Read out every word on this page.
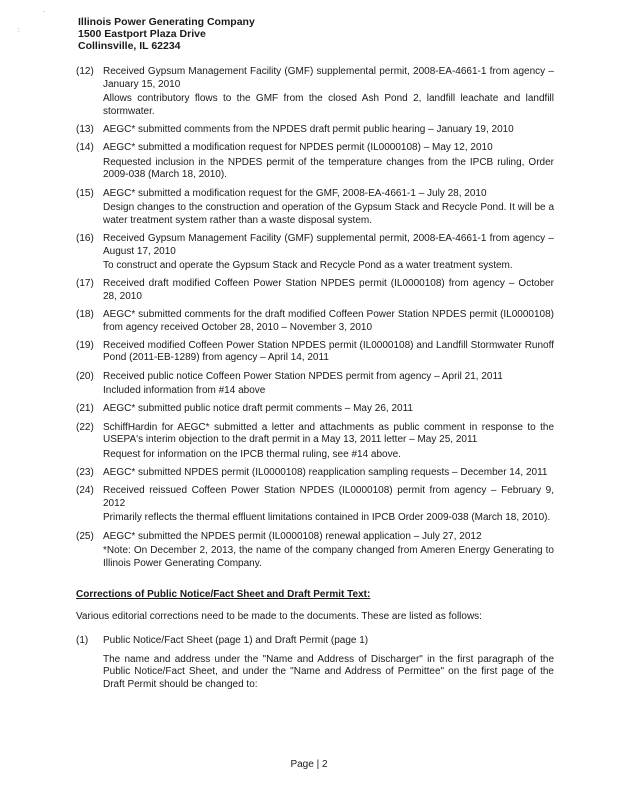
.
:
Illinois Power Generating Company
1500 Eastport Plaza Drive
Collinsville, IL 62234
(12) Received Gypsum Management Facility (GMF) supplemental permit, 2008-EA-4661-1 from agency – January 15, 2010

Allows contributory flows to the GMF from the closed Ash Pond 2, landfill leachate and landfill stormwater.

(13) AEGC* submitted comments from the NPDES draft permit public hearing – January 19, 2010

(14) AEGC* submitted a modification request for NPDES permit (IL0000108) – May 12, 2010

Requested inclusion in the NPDES permit of the temperature changes from the IPCB ruling, Order 2009-038 (March 18, 2010).

(15) AEGC* submitted a modification request for the GMF, 2008-EA-4661-1 – July 28, 2010

Design changes to the construction and operation of the Gypsum Stack and Recycle Pond. It will be a water treatment system rather than a waste disposal system.

(16) Received Gypsum Management Facility (GMF) supplemental permit, 2008-EA-4661-1 from agency – August 17, 2010

To construct and operate the Gypsum Stack and Recycle Pond as a water treatment system.

(17) Received draft modified Coffeen Power Station NPDES permit (IL0000108) from agency – October 28, 2010

(18) AEGC* submitted comments for the draft modified Coffeen Power Station NPDES permit (IL0000108) from agency received October 28, 2010 – November 3, 2010

(19) Received modified Coffeen Power Station NPDES permit (IL0000108) and Landfill Stormwater Runoff Pond (2011-EB-1289) from agency – April 14, 2011

(20) Received public notice Coffeen Power Station NPDES permit from agency – April 21, 2011

Included information from #14 above

(21) AEGC* submitted public notice draft permit comments – May 26, 2011

(22) SchiffHardin for AEGC* submitted a letter and attachments as public comment in response to the USEPA's interim objection to the draft permit in a May 13, 2011 letter – May 25, 2011

Request for information on the IPCB thermal ruling, see #14 above.

(23) AEGC* submitted NPDES permit (IL0000108) reapplication sampling requests – December 14, 2011

(24) Received reissued Coffeen Power Station NPDES (IL0000108) permit from agency – February 9, 2012

Primarily reflects the thermal effluent limitations contained in IPCB Order 2009-038 (March 18, 2010).

(25) AEGC* submitted the NPDES permit (IL0000108) renewal application – July 27, 2012

*Note: On December 2, 2013, the name of the company changed from Ameren Energy Generating to Illinois Power Generating Company.

Corrections of Public Notice/Fact Sheet and Draft Permit Text:
Various editorial corrections need to be made to the documents. These are listed as follows:
(1) Public Notice/Fact Sheet (page 1) and Draft Permit (page 1)

The name and address under the "Name and Address of Discharger" in the first paragraph of the Public Notice/Fact Sheet, and under the "Name and Address of Permittee" on the first page of the Draft Permit should be changed to:

Page | 2
